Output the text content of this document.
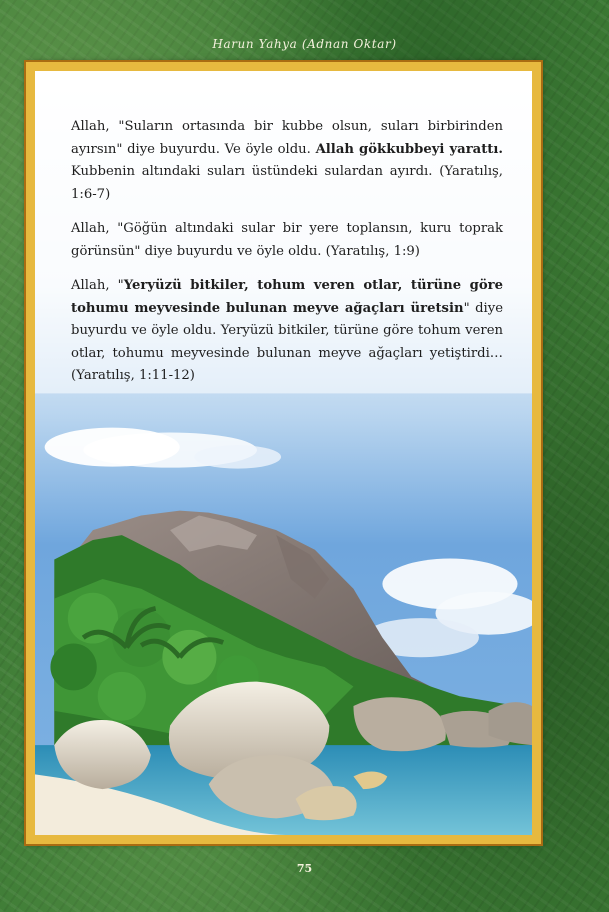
Harun Yahya (Adnan Oktar)

Allah, "Suların ortasında bir kubbe olsun, suları birbirinden ayırsın" diye buyurdu. Ve öyle oldu. Allah gökkubbeyi yarattı. Kubbenin altındaki suları üstündeki sulardan ayırdı. (Yaratılış, 1:6-7)

Allah, "Göğün altındaki sular bir yere toplansın, kuru toprak görünsün" diye buyurdu ve öyle oldu. (Yaratılış, 1:9)

Allah, "Yeryüzü bitkiler, tohum veren otlar, türüne göre tohumu meyvesinde bulunan meyve ağaçları üretsin" diye buyurdu ve öyle oldu. Yeryüzü bitkiler, türüne göre tohum veren otlar, tohumu meyvesinde bulunan meyve ağaçları yetiştirdi… (Yaratılış, 1:11-12)

75
